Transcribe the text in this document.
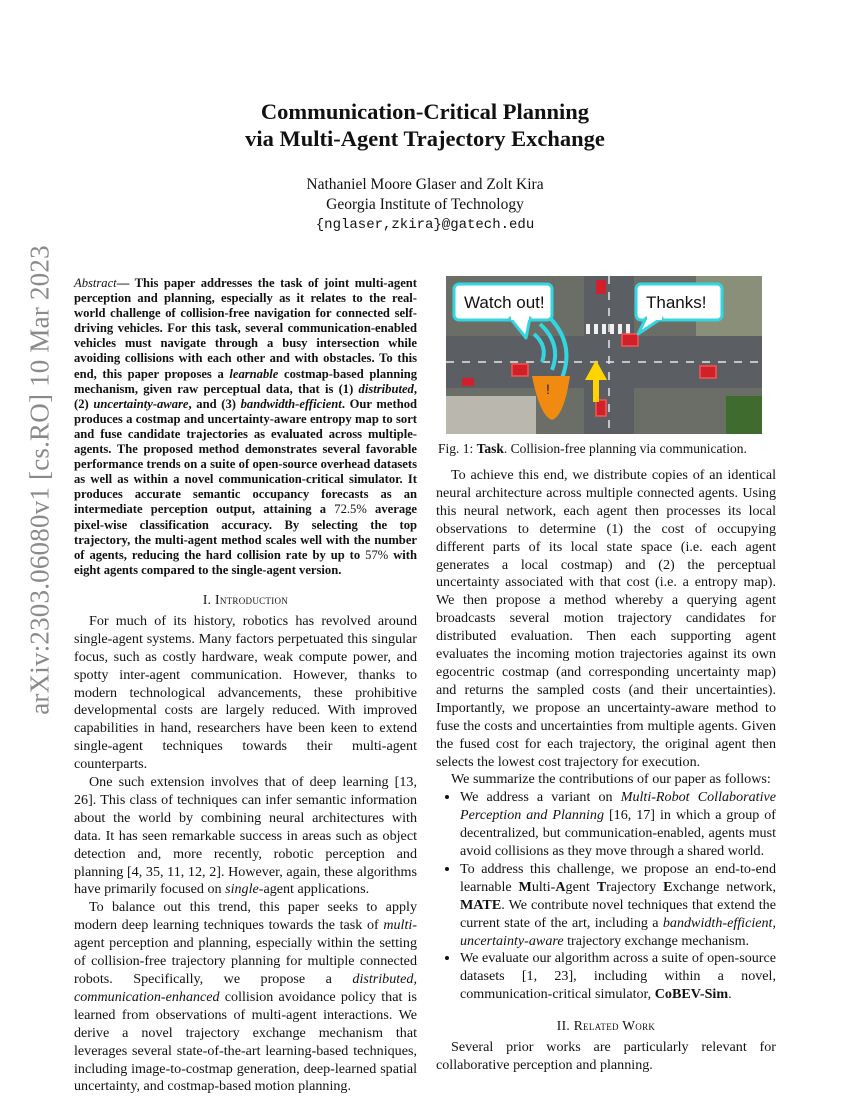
arXiv:2303.06080v1 [cs.RO] 10 Mar 2023
Communication-Critical Planning
via Multi-Agent Trajectory Exchange
Nathaniel Moore Glaser and Zolt Kira
Georgia Institute of Technology
{nglaser,zkira}@gatech.edu

Abstract— This paper addresses the task of joint multi-agent perception and planning, especially as it relates to the real-world challenge of collision-free navigation for connected self-driving vehicles. For this task, several communication-enabled vehicles must navigate through a busy intersection while avoiding collisions with each other and with obstacles. To this end, this paper proposes a learnable costmap-based planning mechanism, given raw perceptual data, that is (1) distributed, (2) uncertainty-aware, and (3) bandwidth-efficient. Our method produces a costmap and uncertainty-aware entropy map to sort and fuse candidate trajectories as evaluated across multiple-agents. The proposed method demonstrates several favorable performance trends on a suite of open-source overhead datasets as well as within a novel communication-critical simulator. It produces accurate semantic occupancy forecasts as an intermediate perception output, attaining a 72.5% average pixel-wise classification accuracy. By selecting the top trajectory, the multi-agent method scales well with the number of agents, reducing the hard collision rate by up to 57% with eight agents compared to the single-agent version.

I. Introduction

For much of its history, robotics has revolved around single-agent systems. Many factors perpetuated this singular focus, such as costly hardware, weak compute power, and spotty inter-agent communication. However, thanks to modern technological advancements, these prohibitive developmental costs are largely reduced. With improved capabilities in hand, researchers have been keen to extend single-agent techniques towards their multi-agent counterparts.

One such extension involves that of deep learning [13, 26]. This class of techniques can infer semantic information about the world by combining neural architectures with data. It has seen remarkable success in areas such as object detection and, more recently, robotic perception and planning [4, 35, 11, 12, 2]. However, again, these algorithms have primarily focused on single-agent applications.

To balance out this trend, this paper seeks to apply modern deep learning techniques towards the task of multi-agent perception and planning, especially within the setting of collision-free trajectory planning for multiple connected robots. Specifically, we propose a distributed, communication-enhanced collision avoidance policy that is learned from observations of multi-agent interactions. We derive a novel trajectory exchange mechanism that leverages several state-of-the-art learning-based techniques, including image-to-costmap generation, deep-learned spatial uncertainty, and costmap-based motion planning.

!
Watch out!	Thanks!
Fig. 1: Task. Collision-free planning via communication.

To achieve this end, we distribute copies of an identical neural architecture across multiple connected agents. Using this neural network, each agent then processes its local observations to determine (1) the cost of occupying different parts of its local state space (i.e. each agent generates a local costmap) and (2) the perceptual uncertainty associated with that cost (i.e. a entropy map). We then propose a method whereby a querying agent broadcasts several motion trajectory candidates for distributed evaluation. Then each supporting agent evaluates the incoming motion trajectories against its own egocentric costmap (and corresponding uncertainty map) and returns the sampled costs (and their uncertainties). Importantly, we propose an uncertainty-aware method to fuse the costs and uncertainties from multiple agents. Given the fused cost for each trajectory, the original agent then selects the lowest cost trajectory for execution.

We summarize the contributions of our paper as follows:

• We address a variant on Multi-Robot Collaborative Perception and Planning [16, 17] in which a group of decentralized, but communication-enabled, agents must avoid collisions as they move through a shared world.
• To address this challenge, we propose an end-to-end learnable Multi-Agent Trajectory Exchange network, MATE. We contribute novel techniques that extend the current state of the art, including a bandwidth-efficient, uncertainty-aware trajectory exchange mechanism.
• We evaluate our algorithm across a suite of open-source datasets [1, 23], including within a novel, communication-critical simulator, CoBEV-Sim.
II. Related Work

Several prior works are particularly relevant for collaborative perception and planning.
